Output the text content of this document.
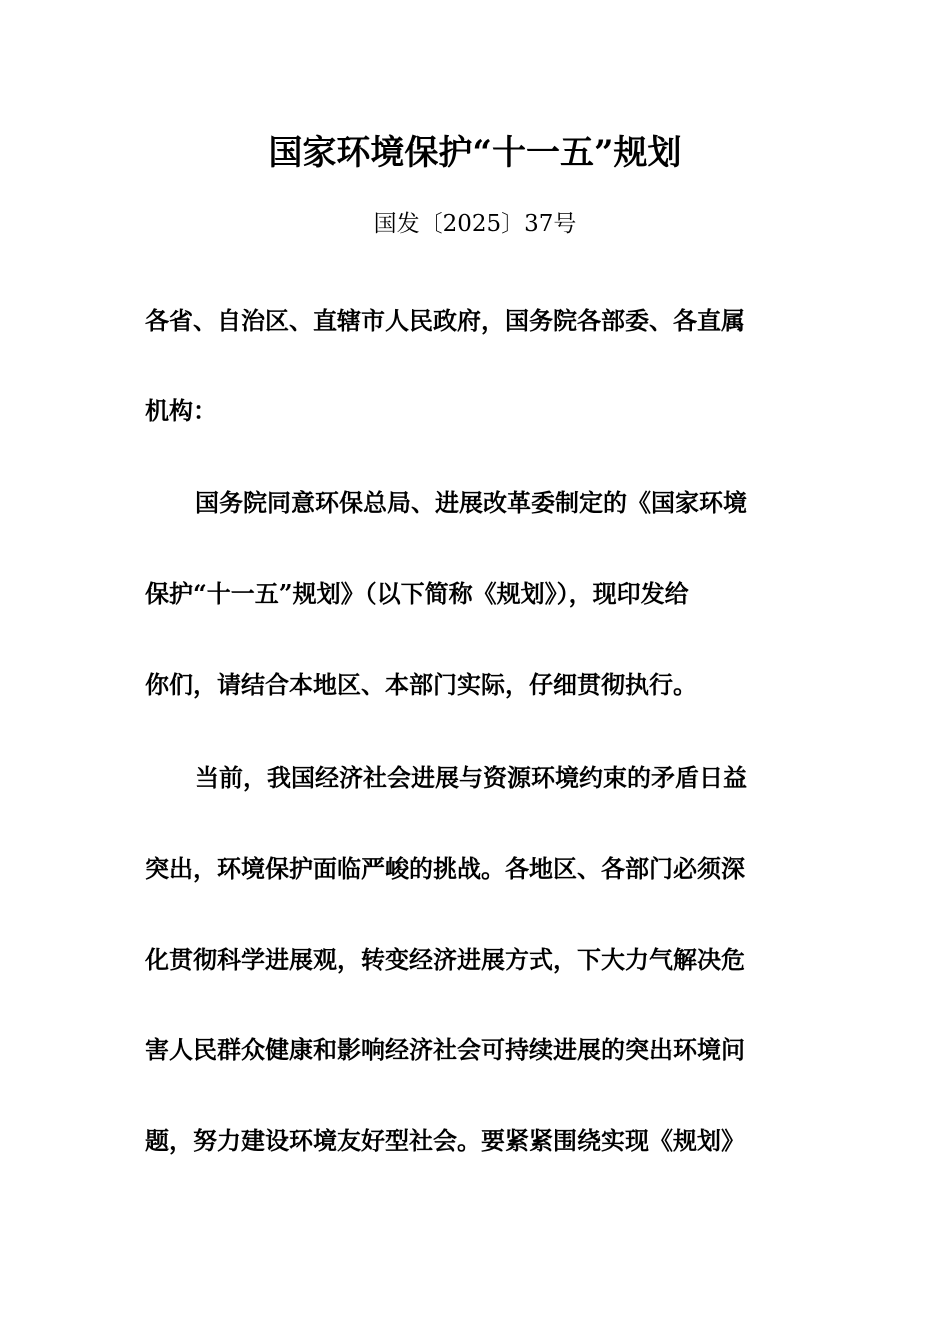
国家环境保护“十一五”规划
国发〔2025〕37号
各省、自治区、直辖市人民政府，国务院各部委、各直属
机构：
国务院同意环保总局、进展改革委制定的《国家环境
保护“十一五”规划》（以下简称《规划》），现印发给
你们，请结合本地区、本部门实际，仔细贯彻执行。
当前，我国经济社会进展与资源环境约束的矛盾日益
突出，环境保护面临严峻的挑战。各地区、各部门必须深
化贯彻科学进展观，转变经济进展方式，下大力气解决危
害人民群众健康和影响经济社会可持续进展的突出环境问
题，努力建设环境友好型社会。要紧紧围绕实现《规划》
